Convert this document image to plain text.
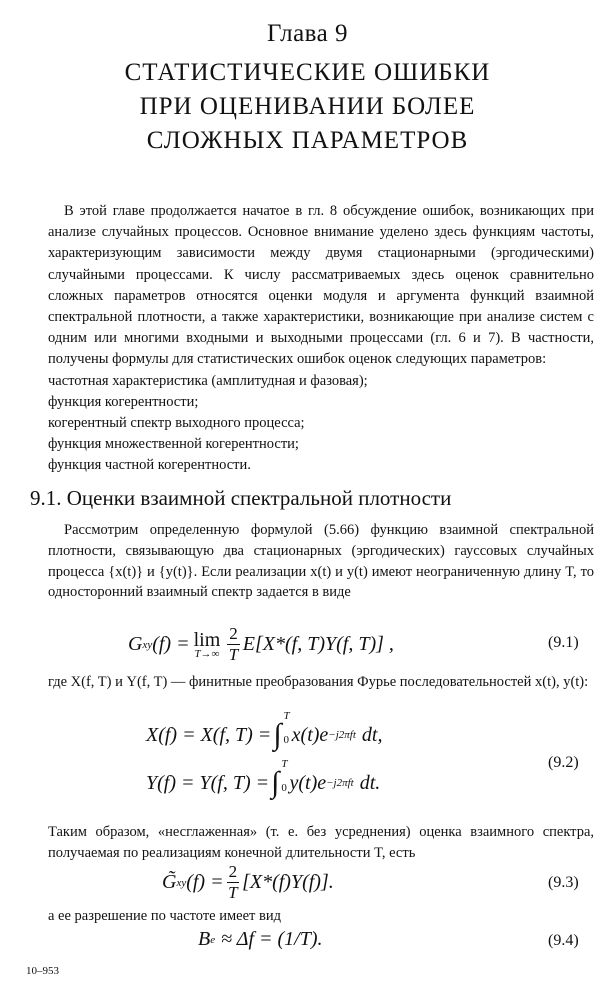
Глава 9
СТАТИСТИЧЕСКИЕ ОШИБКИ
ПРИ ОЦЕНИВАНИИ БОЛЕЕ
СЛОЖНЫХ ПАРАМЕТРОВ

В этой главе продолжается начатое в гл. 8 обсуждение ошибок, возникающих при анализе случайных процессов. Основное внимание уделено здесь функциям частоты, характеризующим зависимости между двумя стационарными (эргодическими) случайными процессами. К числу рассматриваемых здесь оценок сравнительно сложных параметров относятся оценки модуля и аргумента функций взаимной спектральной плотности, а также характеристики, возникающие при анализе систем с одним или многими входными и выходными процессами (гл. 6 и 7). В частности, получены формулы для статистических ошибок оценок следующих параметров:

частотная характеристика (амплитудная и фазовая);
функция когерентности;
когерентный спектр выходного процесса;
функция множественной когерентности;
функция частной когерентности.
9.1. Оценки взаимной спектральной плотности

Рассмотрим определенную формулой (5.66) функцию взаимной спектральной плотности, связывающую два стационарных (эргодических) гауссовых случайных процесса {x(t)} и {y(t)}. Если реализации x(t) и y(t) имеют неограниченную длину T, то односторонний взаимный спектр задается в виде

G xy (f) = lim
$T\to\infty \frac{2}{T} E[X*(f$, T)Y(f, T)] ,	(9.1)

где X(f, T) и Y(f, T) — финитные преобразования Фурье последовательностей x(t), y(t):

X(f) = X(f, T) = ∫
T
0 x(t)e −j2πft dt,
Y(f) = Y(f, T) = ∫
T
0 y(t)e −j2πft dt.
(9.2)

Таким образом, «несглаженная» (т. е. без усреднения) оценка взаимного спектра, получаемая по реализациям конечной длительности T, есть

G̃ xy $(f) = \frac{2}{T} [X*(f)Y(f)]$.	(9.3)

а ее разрешение по частоте имеет вид

B e ≈ Δf = (1/T).	(9.4)
10–953
